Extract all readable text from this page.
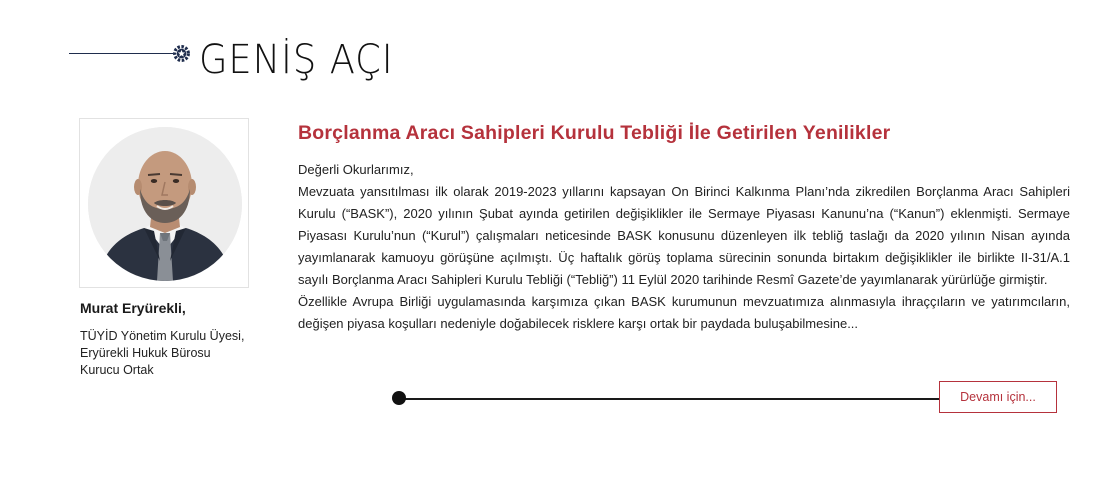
GENİŞ AÇI
Murat Eryürekli,
TÜYİD Yönetim Kurulu Üyesi,
Eryürekli Hukuk Bürosu
Kurucu Ortak
Borçlanma Aracı Sahipleri Kurulu Tebliği İle Getirilen Yenilikler

Değerli Okurlarımız,

Mevzuata yansıtılması ilk olarak 2019-2023 yıllarını kapsayan On Birinci Kalkınma Planı’nda zikredilen Borçlanma Aracı Sahipleri Kurulu (“BASK”), 2020 yılının Şubat ayında getirilen değişiklikler ile Sermaye Piyasası Kanunu’na (“Kanun”) eklenmişti. Sermaye Piyasası Kurulu’nun (“Kurul”) çalışmaları neticesinde BASK konusunu düzenleyen ilk tebliğ taslağı da 2020 yılının Nisan ayında yayımlanarak kamuoyu görüşüne açılmıştı. Üç haftalık görüş toplama sürecinin sonunda birtakım değişiklikler ile birlikte II-31/A.1 sayılı Borçlanma Aracı Sahipleri Kurulu Tebliği (“Tebliğ”) 11 Eylül 2020 tarihinde Resmî Gazete’de yayımlanarak yürürlüğe girmiştir.

Özellikle Avrupa Birliği uygulamasında karşımıza çıkan BASK kurumunun mevzuatımıza alınmasıyla ihraççıların ve yatırımcıların, değişen piyasa koşulları nedeniyle doğabilecek risklere karşı ortak bir paydada buluşabilmesine...

Devamı için...
